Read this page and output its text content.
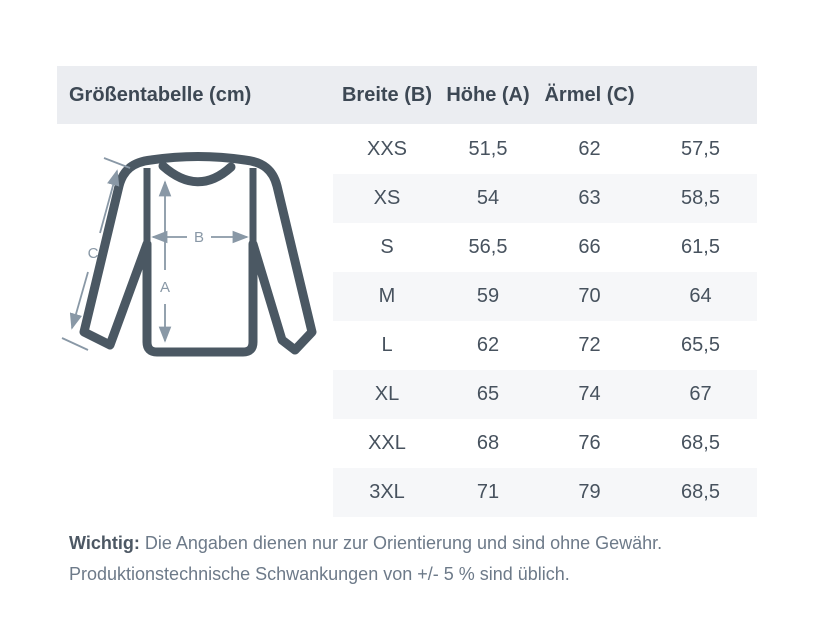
Größentabelle (cm)	Breite (B) Höhe (A) Ärmel (C)
C
B
A
XXS	51,5	62	57,5
XS	54	63	58,5
S	56,5	66	61,5
M	59	70	64
L	62	72	65,5
XL	65	74	67
XXL	68	76	68,5
3XL	71	79	68,5
Wichtig: Die Angaben dienen nur zur Orientierung und sind ohne Gewähr.
Produktionstechnische Schwankungen von +/- 5 % sind üblich.
